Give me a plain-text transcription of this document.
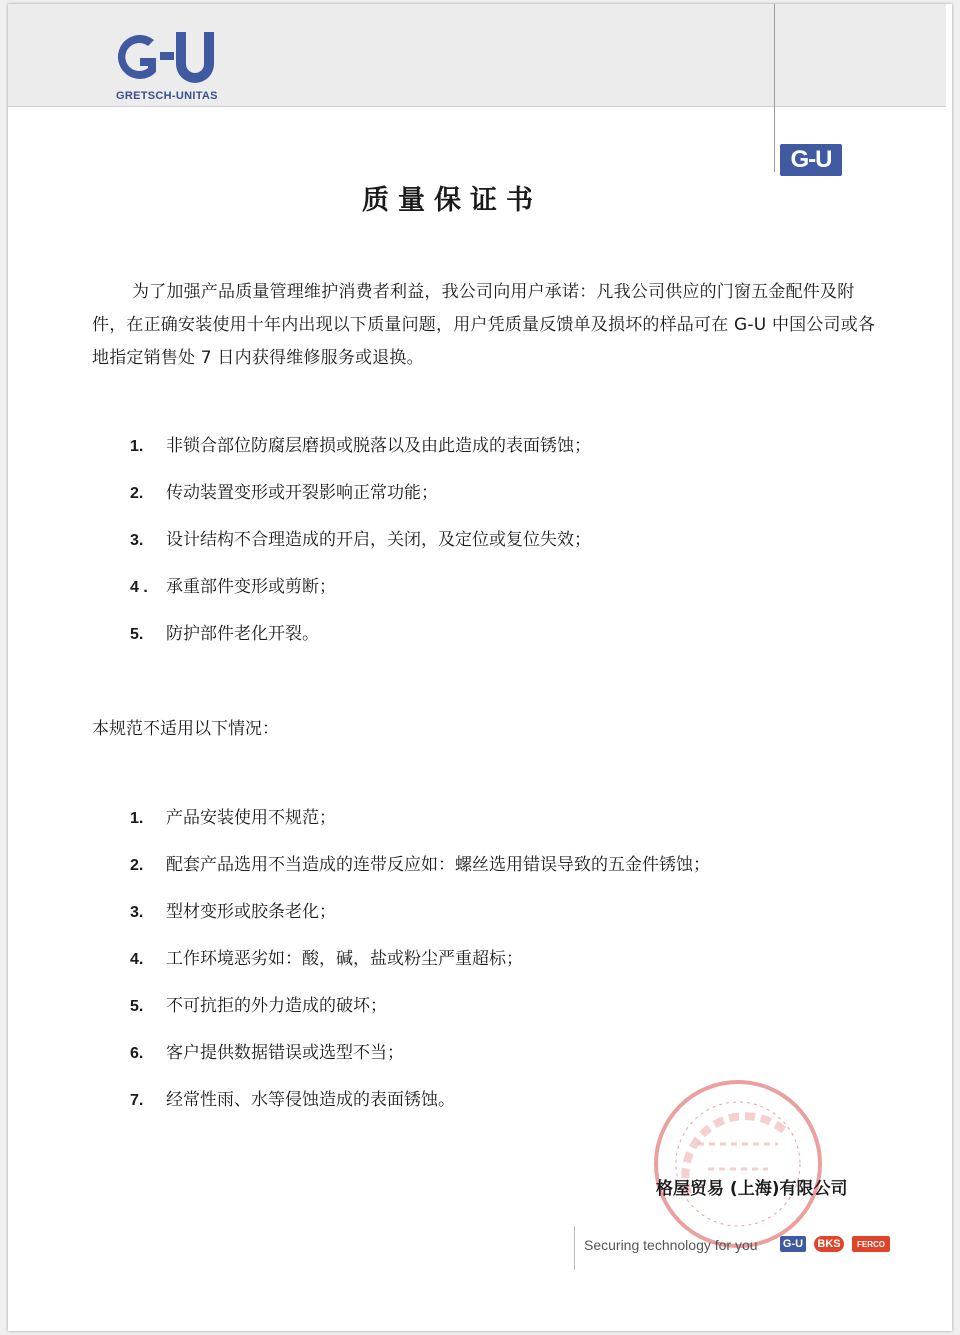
GRETSCH-UNITAS
G-U
质量保证书
为了加强产品质量管理维护消费者利益，我公司向用户承诺：凡我公司供应的门窗五金配件及附件，在正确安装使用十年内出现以下质量问题，用户凭质量反馈单及损坏的样品可在 G-U 中国公司或各地指定销售处 7 日内获得维修服务或退换。
1. 非锁合部位防腐层磨损或脱落以及由此造成的表面锈蚀；
2. 传动装置变形或开裂影响正常功能；
3. 设计结构不合理造成的开启，关闭，及定位或复位失效；
4 . 承重部件变形或剪断；
5. 防护部件老化开裂。
本规范不适用以下情况：
1. 产品安装使用不规范；
2. 配套产品选用不当造成的连带反应如：螺丝选用错误导致的五金件锈蚀；
3. 型材变形或胶条老化；
4. 工作环境恶劣如：酸，碱，盐或粉尘严重超标；
5. 不可抗拒的外力造成的破坏；
6. 客户提供数据错误或选型不当；
7. 经常性雨、水等侵蚀造成的表面锈蚀。
格屋贸易 (上海)有限公司
Securing technology for you G-U	BKS	FERCO
